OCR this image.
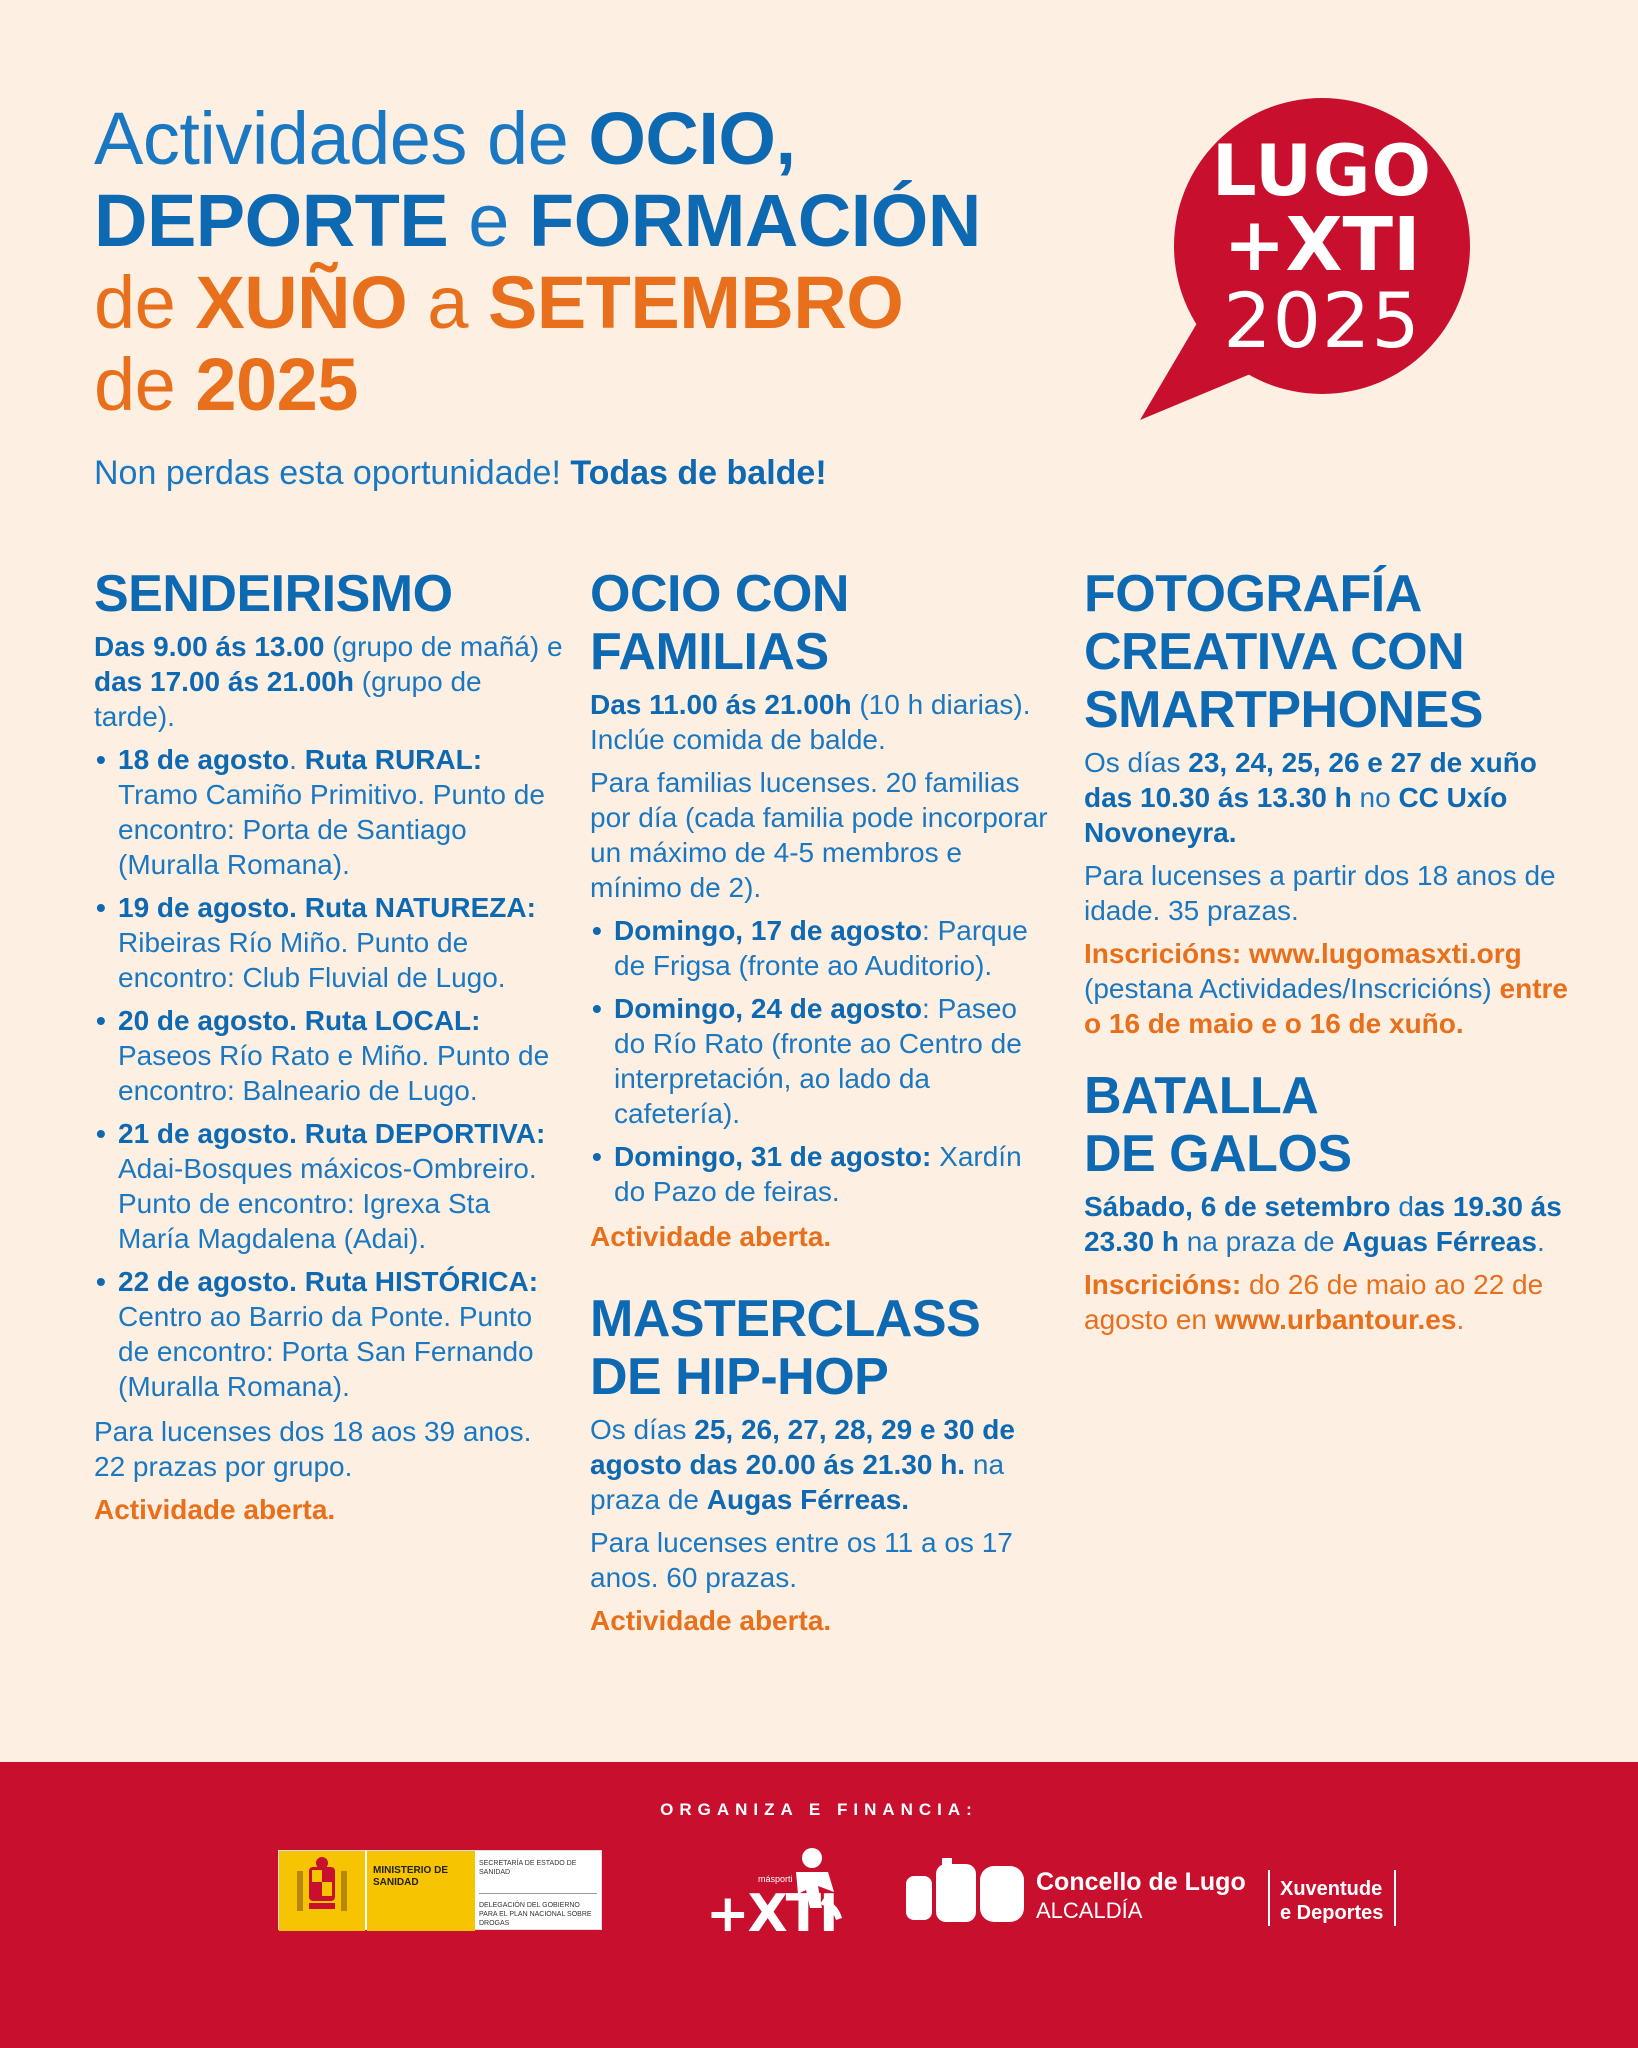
Actividades de OCIO,
DEPORTE e FORMACIÓN
de XUÑO a SETEMBRO
de 2025

Non perdas esta oportunidade! Todas de balde!

LUGO
+XTI
2025
SENDEIRISMO

Das 9.00 ás 13.00 (grupo de mañá) e das 17.00 ás 21.00h (grupo de tarde).

• 18 de agosto. Ruta RURAL: Tramo Camiño Primitivo. Punto de encontro: Porta de Santiago (Muralla Romana).
• 19 de agosto. Ruta NATUREZA: Ribeiras Río Miño. Punto de encontro: Club Fluvial de Lugo.
• 20 de agosto. Ruta LOCAL: Paseos Río Rato e Miño. Punto de encontro: Balneario de Lugo.
• 21 de agosto. Ruta DEPORTIVA: Adai-Bosques máxicos-Ombreiro. Punto de encontro: Igrexa Sta María Magdalena (Adai).
• 22 de agosto. Ruta HISTÓRICA: Centro ao Barrio da Ponte. Punto de encontro: Porta San Fernando (Muralla Romana).

Para lucenses dos 18 aos 39 anos. 22 prazas por grupo.

Actividade aberta.

OCIO CON
FAMILIAS

Das 11.00 ás 21.00h (10 h diarias). Inclúe comida de balde.

Para familias lucenses. 20 familias por día (cada familia pode incorporar un máximo de 4-5 membros e mínimo de 2).

• Domingo, 17 de agosto: Parque de Frigsa (fronte ao Auditorio).
• Domingo, 24 de agosto: Paseo do Río Rato (fronte ao Centro de interpretación, ao lado da cafetería).
• Domingo, 31 de agosto: Xardín do Pazo de feiras.

Actividade aberta.

MASTERCLASS
DE HIP-HOP

Os días 25, 26, 27, 28, 29 e 30 de agosto das 20.00 ás 21.30 h. na praza de Augas Férreas.

Para lucenses entre os 11 a os 17 anos. 60 prazas.

Actividade aberta.

FOTOGRAFÍA
CREATIVA CON
SMARTPHONES

Os días 23, 24, 25, 26 e 27 de xuño das 10.30 ás 13.30 h no CC Uxío Novoneyra.

Para lucenses a partir dos 18 anos de idade. 35 prazas.

Inscricións: www.lugomasxti.org (pestana Actividades/Inscricións) entre o 16 de maio e o 16 de xuño.

BATALLA
DE GALOS

Sábado, 6 de setembro das 19.30 ás 23.30 h na praza de Aguas Férreas.

Inscricións: do 26 de maio ao 22 de agosto en www.urbantour.es.

ORGANIZA E FINANCIA:
MINISTERIO DE SANIDAD
SECRETARÍA DE ESTADO DE SANIDAD
DELEGACIÓN DEL GOBIERNO PARA EL PLAN NACIONAL SOBRE DROGAS
másporti
+XTI
Concello de Lugo
ALCALDÍA
Xuventude
e Deportes
